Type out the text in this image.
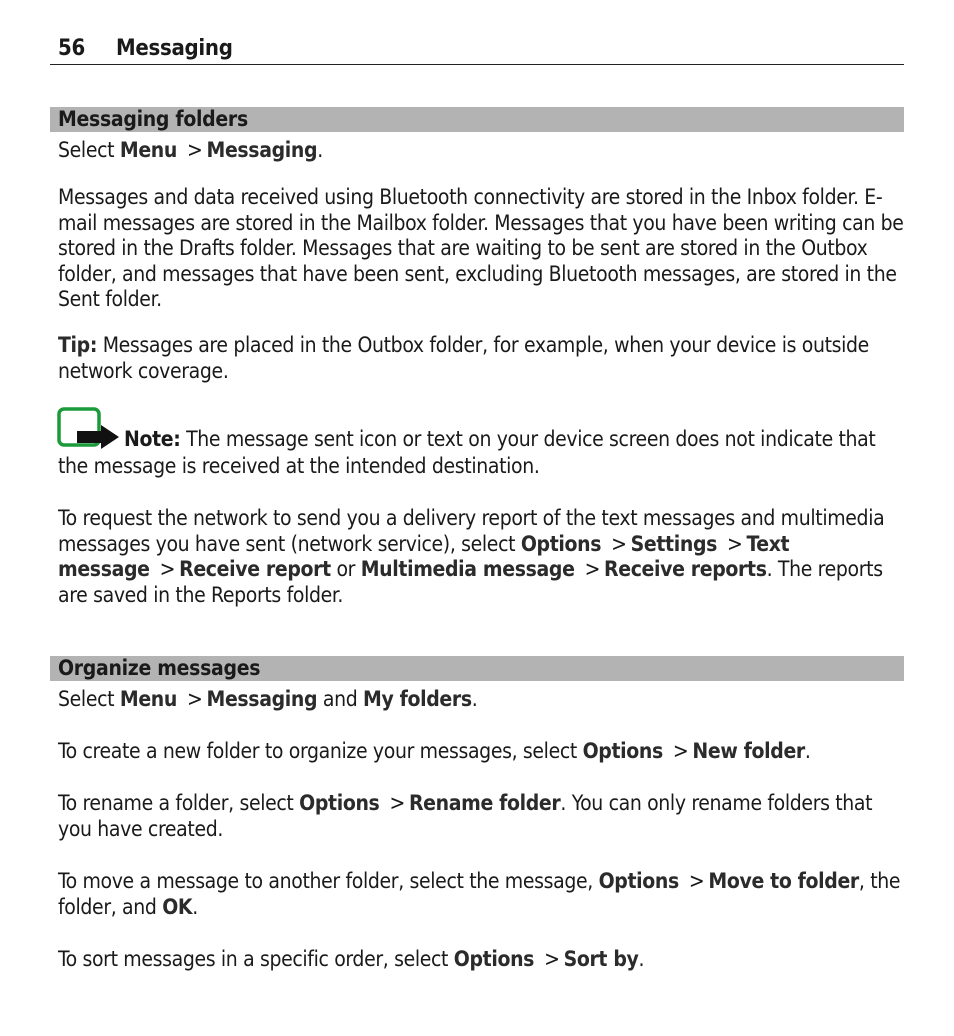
56 Messaging
Messaging folders

Select Menu > Messaging.

Messages and data received using Bluetooth connectivity are stored in the Inbox folder. E-mail messages are stored in the Mailbox folder. Messages that you have been writing can be stored in the Drafts folder. Messages that are waiting to be sent are stored in the Outbox folder, and messages that have been sent, excluding Bluetooth messages, are stored in the Sent folder.

Tip: Messages are placed in the Outbox folder, for example, when your device is outside network coverage.

Note: The message sent icon or text on your device screen does not indicate that the message is received at the intended destination.

To request the network to send you a delivery report of the text messages and multimedia messages you have sent (network service), select Options > Settings > Text message > Receive report or Multimedia message > Receive reports. The reports are saved in the Reports folder.

Organize messages

Select Menu > Messaging and My folders.

To create a new folder to organize your messages, select Options > New folder.

To rename a folder, select Options > Rename folder. You can only rename folders that you have created.

To move a message to another folder, select the message, Options > Move to folder, the folder, and OK.

To sort messages in a specific order, select Options > Sort by.
